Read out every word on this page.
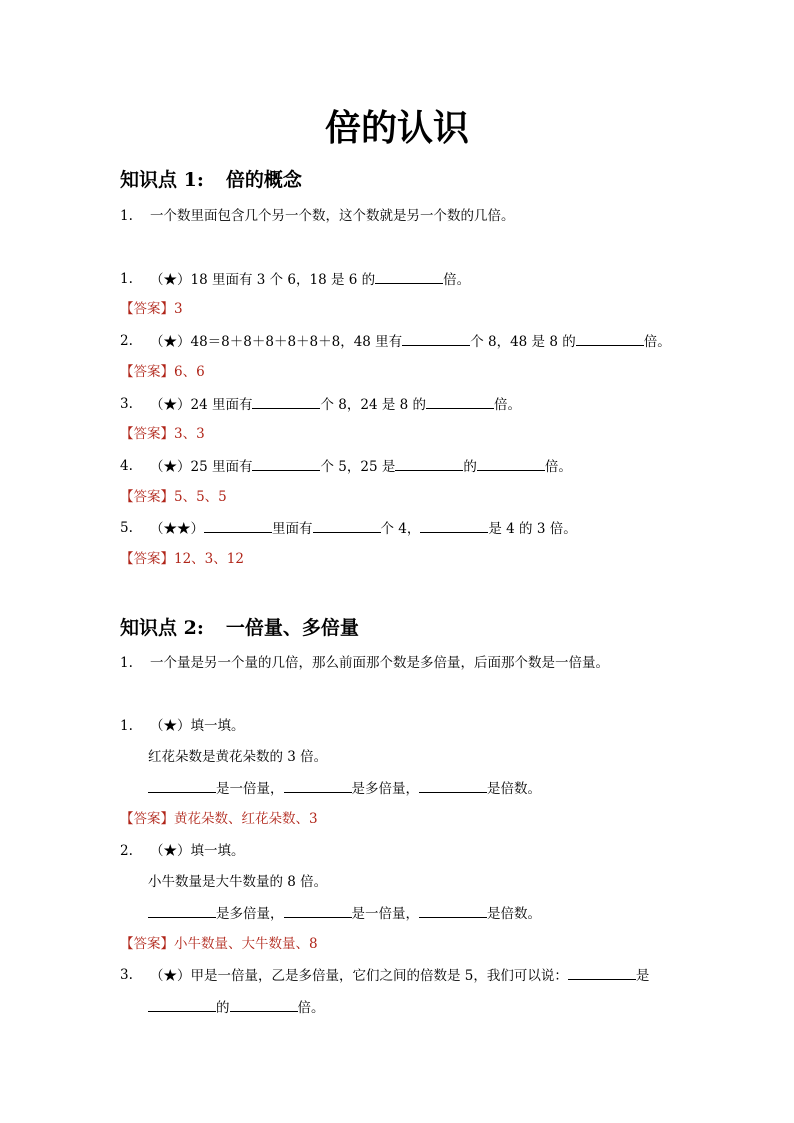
倍的认识
知识点 1: 倍的概念
1.	一个数里面包含几个另一个数，这个数就是另一个数的几倍。
1.	（★）18 里面有 3 个 6，18 是 6 的	倍。
【答案】3
2.	（★）48＝8＋8＋8＋8＋8＋8，48 里有	个 8，48 是 8 的	倍。
【答案】6、6
3.	（★）24 里面有	个 8，24 是 8 的	倍。
【答案】3、3
4.	（★）25 里面有	个 5，25 是	的	倍。
【答案】5、5、5
5.	（★★）	里面有	个 4，	是 4 的 3 倍。
【答案】12、3、12
知识点 2: 一倍量、多倍量
1.	一个量是另一个量的几倍，那么前面那个数是多倍量，后面那个数是一倍量。
1.	（★）填一填。
红花朵数是黄花朵数的 3 倍。
是一倍量，	是多倍量，	是倍数。
【答案】黄花朵数、红花朵数、3
2.	（★）填一填。
小牛数量是大牛数量的 8 倍。
是多倍量，	是一倍量，	是倍数。
【答案】小牛数量、大牛数量、8
3.	（★）甲是一倍量，乙是多倍量，它们之间的倍数是 5，我们可以说：	是
的	倍。
